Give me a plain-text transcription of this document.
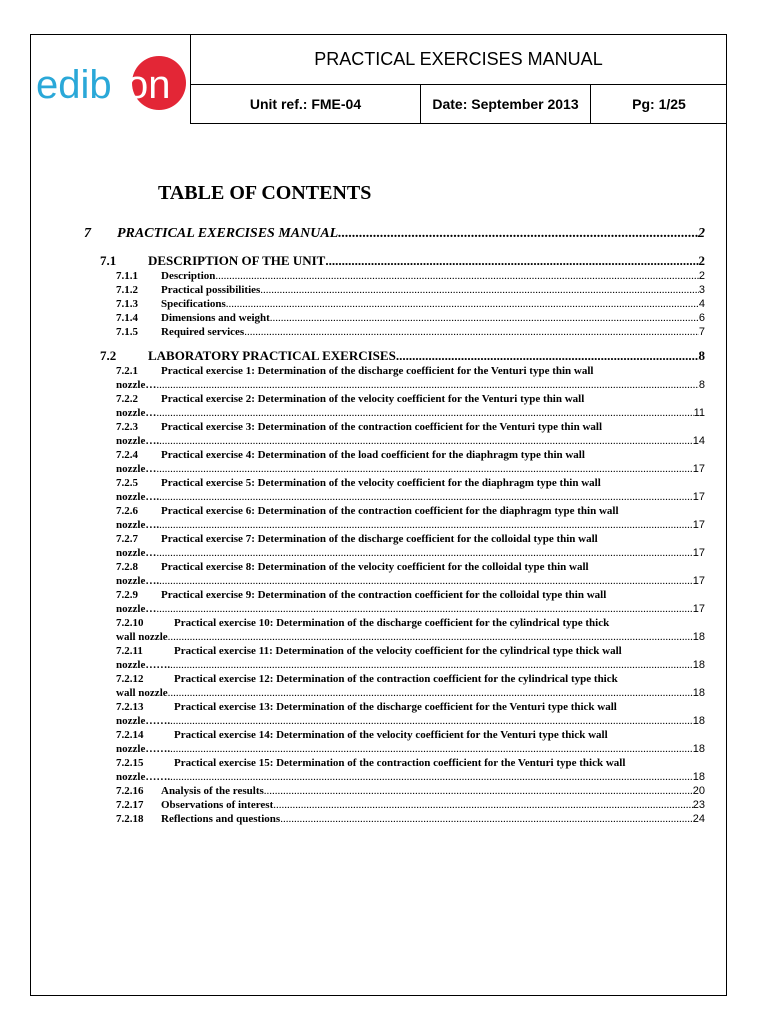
edib on
PRACTICAL EXERCISES MANUAL
Unit ref.: FME-04	Date: September 2013	Pg: 1/25
TABLE OF CONTENTS
7	PRACTICAL EXERCISES MANUAL .....	2
7.1	DESCRIPTION OF THE UNIT .....	2
7.1.1	Description .....	2
7.1.2	Practical possibilities .....	3
7.1.3	Specifications .....	4
7.1.4	Dimensions and weight .....	6
7.1.5	Required services .....	7
7.2	LABORATORY PRACTICAL EXERCISES .....	8
7.2.1	Practical exercise 1: Determination of the discharge coefficient for the Venturi type thin wall
nozzle… .....	8
7.2.2	Practical exercise 2: Determination of the velocity coefficient for the Venturi type thin wall
nozzle… .....	11
7.2.3	Practical exercise 3: Determination of the contraction coefficient for the Venturi type thin wall
nozzle…. .....	14
7.2.4	Practical exercise 4: Determination of the load coefficient for the diaphragm type thin wall
nozzle… .....	17
7.2.5	Practical exercise 5: Determination of the velocity coefficient for the diaphragm type thin wall
nozzle…. .....	17
7.2.6	Practical exercise 6: Determination of the contraction coefficient for the diaphragm type thin wall
nozzle…. .....	17
7.2.7	Practical exercise 7: Determination of the discharge coefficient for the colloidal type thin wall
nozzle… .....	17
7.2.8	Practical exercise 8: Determination of the velocity coefficient for the colloidal type thin wall
nozzle…. .....	17
7.2.9	Practical exercise 9: Determination of the contraction coefficient for the colloidal type thin wall
nozzle… .....	17
7.2.10	Practical exercise 10: Determination of the discharge coefficient for the cylindrical type thick
wall nozzle .....	18
7.2.11	Practical exercise 11: Determination of the velocity coefficient for the cylindrical type thick wall
nozzle……. .....	18
7.2.12	Practical exercise 12: Determination of the contraction coefficient for the cylindrical type thick
wall nozzle .....	18
7.2.13	Practical exercise 13: Determination of the discharge coefficient for the Venturi type thick wall
nozzle……. .....	18
7.2.14	Practical exercise 14: Determination of the velocity coefficient for the Venturi type thick wall
nozzle……. .....	18
7.2.15	Practical exercise 15: Determination of the contraction coefficient for the Venturi type thick wall
nozzle……. .....	18
7.2.16	Analysis of the results .....	20
7.2.17	Observations of interest .....	23
7.2.18	Reflections and questions .....	24
